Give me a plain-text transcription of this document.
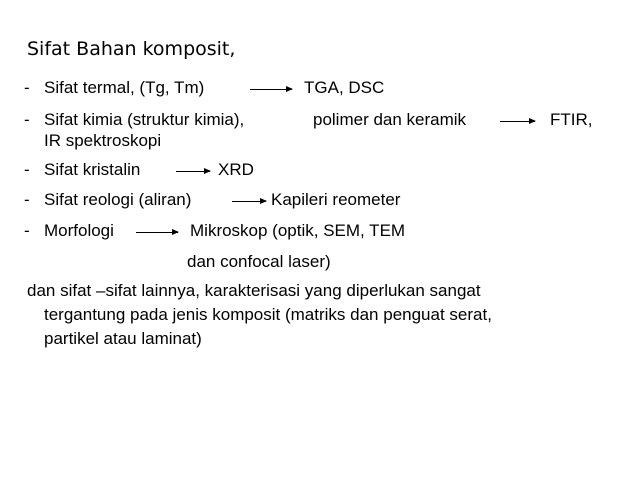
Sifat Bahan komposit,
- Sifat termal, (Tg, Tm)	TGA, DSC
- Sifat kimia (struktur kimia),	polimer dan keramik	FTIR,
IR spektroskopi
- Sifat kristalin	XRD
- Sifat reologi (aliran)	Kapileri reometer
- Morfologi	Mikroskop (optik, SEM, TEM
dan confocal laser)
dan sifat –sifat lainnya, karakterisasi yang diperlukan sangat
tergantung pada jenis komposit (matriks dan penguat serat,
partikel atau laminat)
